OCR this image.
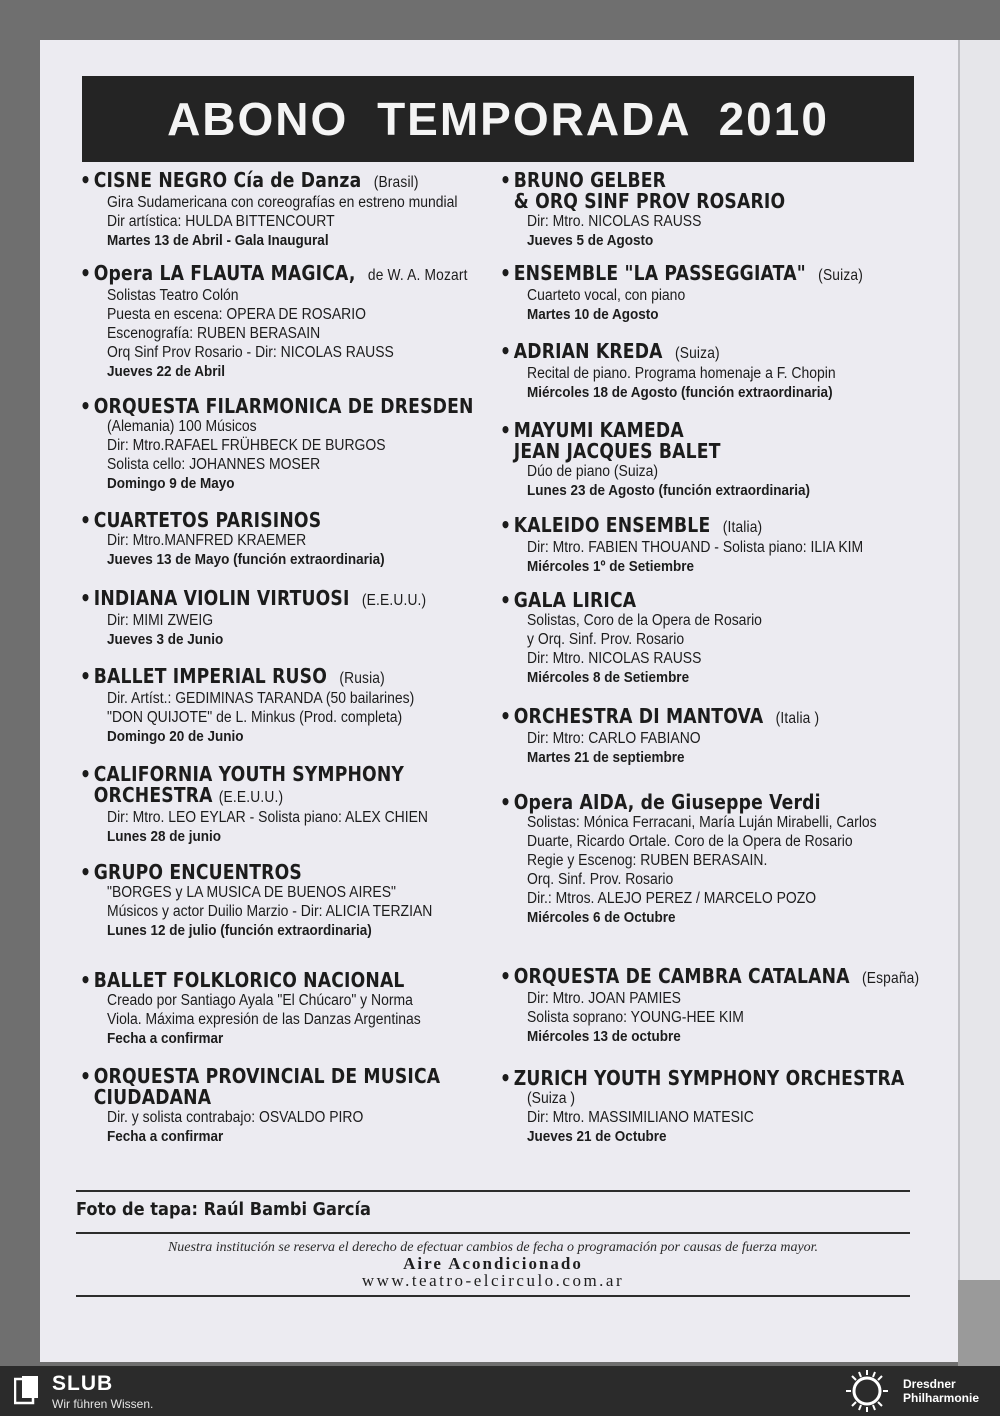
ABONO TEMPORADA 2010
• CISNE NEGRO Cía de Danza (Brasil)
Gira Sudamericana con coreografías en estreno mundial
Dir artística: HULDA BITTENCOURT
Martes 13 de Abril - Gala Inaugural
• Opera LA FLAUTA MAGICA, de W. A. Mozart
Solistas Teatro Colón
Puesta en escena: OPERA DE ROSARIO
Escenografía: RUBEN BERASAIN
Orq Sinf Prov Rosario - Dir: NICOLAS RAUSS
Jueves 22 de Abril
• ORQUESTA FILARMONICA DE DRESDEN
(Alemania) 100 Músicos
Dir: Mtro.RAFAEL FRÜHBECK DE BURGOS
Solista cello: JOHANNES MOSER
Domingo 9 de Mayo
• CUARTETOS PARISINOS
Dir: Mtro.MANFRED KRAEMER
Jueves 13 de Mayo (función extraordinaria)
• INDIANA VIOLIN VIRTUOSI (E.E.U.U.)
Dir: MIMI ZWEIG
Jueves 3 de Junio
• BALLET IMPERIAL RUSO (Rusia)
Dir. Artíst.: GEDIMINAS TARANDA (50 bailarines)
"DON QUIJOTE" de L. Minkus (Prod. completa)
Domingo 20 de Junio
• CALIFORNIA YOUTH SYMPHONY
ORCHESTRA (E.E.U.U.)
Dir: Mtro. LEO EYLAR - Solista piano: ALEX CHIEN
Lunes 28 de junio
• GRUPO ENCUENTROS
"BORGES y LA MUSICA DE BUENOS AIRES"
Músicos y actor Duilio Marzio - Dir: ALICIA TERZIAN
Lunes 12 de julio (función extraordinaria)
• BALLET FOLKLORICO NACIONAL
Creado por Santiago Ayala "El Chúcaro" y Norma
Viola. Máxima expresión de las Danzas Argentinas
Fecha a confirmar
• ORQUESTA PROVINCIAL DE MUSICA
CIUDADANA
Dir. y solista contrabajo: OSVALDO PIRO
Fecha a confirmar
• BRUNO GELBER
& ORQ SINF PROV ROSARIO
Dir: Mtro. NICOLAS RAUSS
Jueves 5 de Agosto
• ENSEMBLE "LA PASSEGGIATA" (Suiza)
Cuarteto vocal, con piano
Martes 10 de Agosto
• ADRIAN KREDA (Suiza)
Recital de piano. Programa homenaje a F. Chopin
Miércoles 18 de Agosto (función extraordinaria)
• MAYUMI KAMEDA
JEAN JACQUES BALET
Dúo de piano (Suiza)
Lunes 23 de Agosto (función extraordinaria)
• KALEIDO ENSEMBLE (Italia)
Dir: Mtro. FABIEN THOUAND - Solista piano: ILIA KIM
Miércoles 1º de Setiembre
• GALA LIRICA
Solistas, Coro de la Opera de Rosario
y Orq. Sinf. Prov. Rosario
Dir: Mtro. NICOLAS RAUSS
Miércoles 8 de Setiembre
• ORCHESTRA DI MANTOVA (Italia )
Dir: Mtro: CARLO FABIANO
Martes 21 de septiembre
• Opera AIDA, de Giuseppe Verdi
Solistas: Mónica Ferracani, María Luján Mirabelli, Carlos
Duarte, Ricardo Ortale. Coro de la Opera de Rosario
Regie y Escenog: RUBEN BERASAIN.
Orq. Sinf. Prov. Rosario
Dir.: Mtros. ALEJO PEREZ / MARCELO POZO
Miércoles 6 de Octubre
• ORQUESTA DE CAMBRA CATALANA (España)
Dir: Mtro. JOAN PAMIES
Solista soprano: YOUNG-HEE KIM
Miércoles 13 de octubre
• ZURICH YOUTH SYMPHONY ORCHESTRA
(Suiza )
Dir: Mtro. MASSIMILIANO MATESIC
Jueves 21 de Octubre
Foto de tapa: Raúl Bambi García
Nuestra institución se reserva el derecho de efectuar cambios de fecha o programación por causas de fuerza mayor.
Aire Acondicionado
www.teatro-elcirculo.com.ar
SLUB
Wir führen Wissen.
Dresdner
Philharmonie
